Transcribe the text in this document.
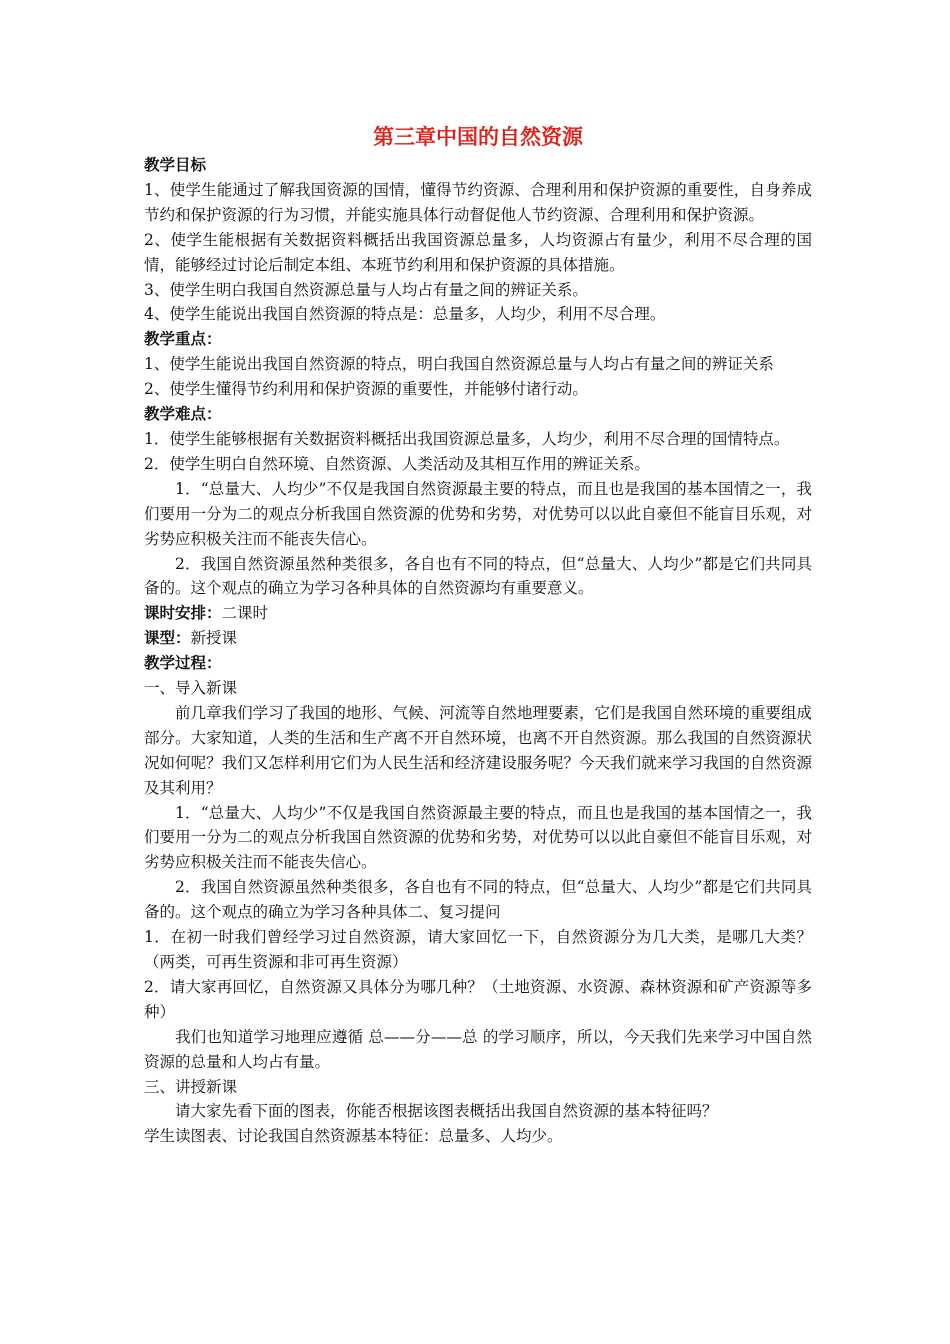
第三章中国的自然资源

教学目标

1、使学生能通过了解我国资源的国情，懂得节约资源、合理利用和保护资源的重要性，自身养成节约和保护资源的行为习惯，并能实施具体行动督促他人节约资源、合理利用和保护资源。

2、使学生能根据有关数据资料概括出我国资源总量多，人均资源占有量少，利用不尽合理的国情，能够经过讨论后制定本组、本班节约利用和保护资源的具体措施。

3、使学生明白我国自然资源总量与人均占有量之间的辨证关系。

4、使学生能说出我国自然资源的特点是：总量多，人均少，利用不尽合理。

教学重点：

1、使学生能说出我国自然资源的特点，明白我国自然资源总量与人均占有量之间的辨证关系

2、使学生懂得节约利用和保护资源的重要性，并能够付诸行动。

教学难点：

1．使学生能够根据有关数据资料概括出我国资源总量多，人均少，利用不尽合理的国情特点。

2．使学生明白自然环境、自然资源、人类活动及其相互作用的辨证关系。

1．“总量大、人均少”不仅是我国自然资源最主要的特点，而且也是我国的基本国情之一，我们要用一分为二的观点分析我国自然资源的优势和劣势，对优势可以以此自豪但不能盲目乐观，对劣势应积极关注而不能丧失信心。

2．我国自然资源虽然种类很多，各自也有不同的特点，但“总量大、人均少”都是它们共同具备的。这个观点的确立为学习各种具体的自然资源均有重要意义。

课时安排：二课时

课型：新授课

教学过程：

一、导入新课

前几章我们学习了我国的地形、气候、河流等自然地理要素，它们是我国自然环境的重要组成部分。大家知道，人类的生活和生产离不开自然环境，也离不开自然资源。那么我国的自然资源状况如何呢？我们又怎样利用它们为人民生活和经济建设服务呢？今天我们就来学习我国的自然资源及其利用？

1．“总量大、人均少”不仅是我国自然资源最主要的特点，而且也是我国的基本国情之一，我们要用一分为二的观点分析我国自然资源的优势和劣势，对优势可以以此自豪但不能盲目乐观，对劣势应积极关注而不能丧失信心。

2．我国自然资源虽然种类很多，各自也有不同的特点，但“总量大、人均少”都是它们共同具备的。这个观点的确立为学习各种具体二、复习提问

1．在初一时我们曾经学习过自然资源，请大家回忆一下，自然资源分为几大类，是哪几大类？（两类，可再生资源和非可再生资源）

2．请大家再回忆，自然资源又具体分为哪几种？（土地资源、水资源、森林资源和矿产资源等多种）

我们也知道学习地理应遵循 总——分——总 的学习顺序，所以，今天我们先来学习中国自然资源的总量和人均占有量。

三、讲授新课

请大家先看下面的图表，你能否根据该图表概括出我国自然资源的基本特征吗？

学生读图表、讨论我国自然资源基本特征：总量多、人均少。
